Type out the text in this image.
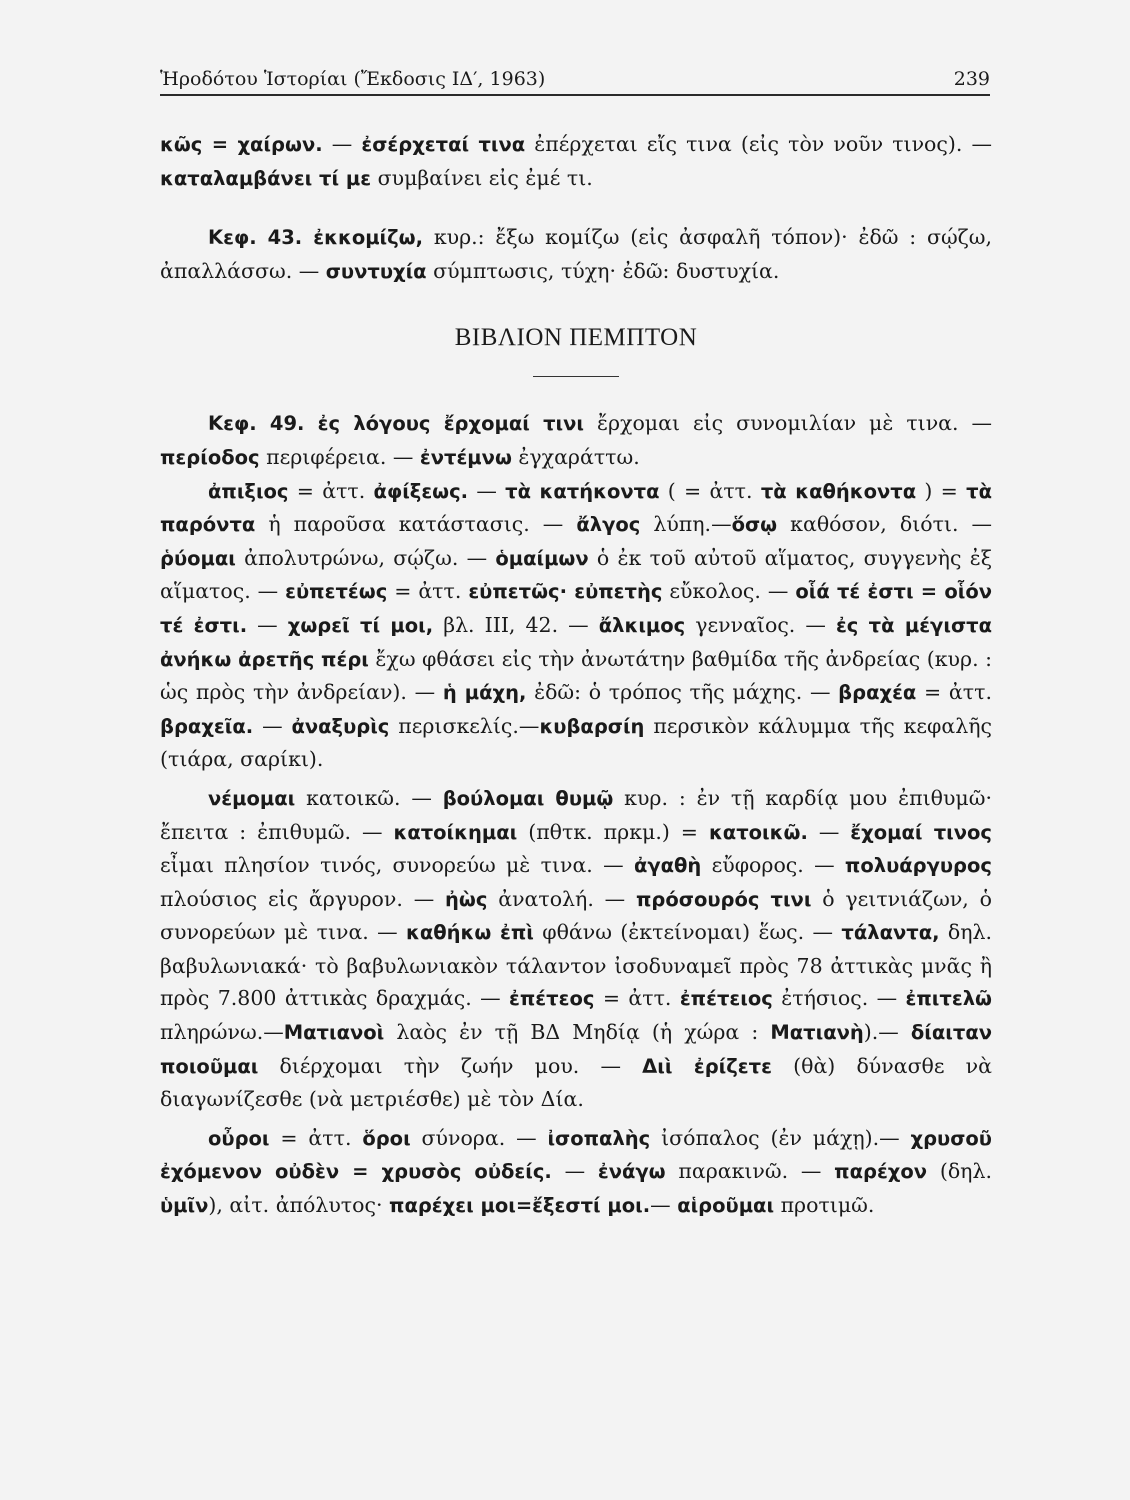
Ἡροδότου Ἱστορίαι (Ἔκδοσις ΙΔ′, 1963)	239

κῶς = χαίρων. — ἐσέρχεταί τινα ἐπέρχεται εἴς τινα (εἰς τὸν νοῦν τινος). — καταλαμβάνει τί με συμβαίνει εἰς ἐμέ τι.

Κεφ. 43. ἐκκομίζω, κυρ.: ἔξω κομίζω (εἰς ἀσφαλῆ τόπον)· ἐδῶ : σῴζω, ἀπαλλάσσω. — συντυχία σύμπτωσις, τύχη· ἐδῶ: δυστυχία.

ΒΙΒΛΙΟΝ ΠΕΜΠΤΟΝ

Κεφ. 49. ἐς λόγους ἔρχομαί τινι ἔρχομαι εἰς συνομιλίαν μὲ τινα. — περίοδος περιφέρεια. — ἐντέμνω ἐγχαράττω.

ἀπιξιος = ἀττ. ἀφίξεως. — τὰ κατήκοντα ( = ἀττ. τὰ καθήκοντα ) = τὰ παρόντα ἡ παροῦσα κατάστασις. — ἄλγος λύπη.—ὅσῳ καθόσον, διότι. — ῥύομαι ἀπολυτρώνω, σῴζω. — ὁμαίμων ὁ ἐκ τοῦ αὐτοῦ αἵματος, συγγενὴς ἐξ αἵματος. — εὐπετέως = ἀττ. εὐπετῶς· εὐπετὴς εὔκολος. — οἷά τέ ἐστι = οἷόν τέ ἐστι. — χωρεῖ τί μοι, βλ. III, 42. — ἄλκιμος γενναῖος. — ἐς τὰ μέγιστα ἀνήκω ἀρετῆς πέρι ἔχω φθάσει εἰς τὴν ἀνωτάτην βαθμίδα τῆς ἀνδρείας (κυρ. : ὡς πρὸς τὴν ἀνδρείαν). — ἡ μάχη, ἐδῶ: ὁ τρόπος τῆς μάχης. — βραχέα = ἀττ. βραχεῖα. — ἀναξυρὶς περισκελίς.—κυβαρσίη περσικὸν κάλυμμα τῆς κεφαλῆς (τιάρα, σαρίκι).

νέμομαι κατοικῶ. — βούλομαι θυμῷ κυρ. : ἐν τῇ καρδίᾳ μου ἐπιθυμῶ· ἔπειτα : ἐπιθυμῶ. — κατοίκημαι (πθτκ. πρκμ.) = κατοικῶ. — ἔχομαί τινος εἶμαι πλησίον τινός, συνορεύω μὲ τινα. — ἀγαθὴ εὔφορος. — πολυάργυρος πλούσιος εἰς ἄργυρον. — ἠὼς ἀνατολή. — πρόσουρός τινι ὁ γειτνιάζων, ὁ συνορεύων μὲ τινα. — καθήκω ἐπὶ φθάνω (ἐκτείνομαι) ἕως. — τάλαντα, δηλ. βαβυλωνιακά· τὸ βαβυλωνιακὸν τάλαντον ἰσοδυναμεῖ πρὸς 78 ἀττικὰς μνᾶς ἢ πρὸς 7.800 ἀττικὰς δραχμάς. — ἐπέτεος = ἀττ. ἐπέτειος ἐτήσιος. — ἐπιτελῶ πληρώνω.—Ματιανοὶ λαὸς ἐν τῇ ΒΔ Μηδίᾳ (ἡ χώρα : Ματιανὴ).— δίαιταν ποιοῦμαι διέρχομαι τὴν ζωήν μου. — Διὶ ἐρίζετε (θὰ) δύνασθε νὰ διαγωνίζεσθε (νὰ μετριέσθε) μὲ τὸν Δία.

οὖροι = ἀττ. ὅροι σύνορα. — ἰσοπαλὴς ἰσόπαλος (ἐν μάχῃ).— χρυσοῦ ἐχόμενον οὐδὲν = χρυσὸς οὐδείς. — ἐνάγω παρακινῶ. — παρέχον (δηλ. ὑμῖν), αἰτ. ἀπόλυτος· παρέχει μοι=ἔξεστί μοι.— αἱροῦμαι προτιμῶ.
